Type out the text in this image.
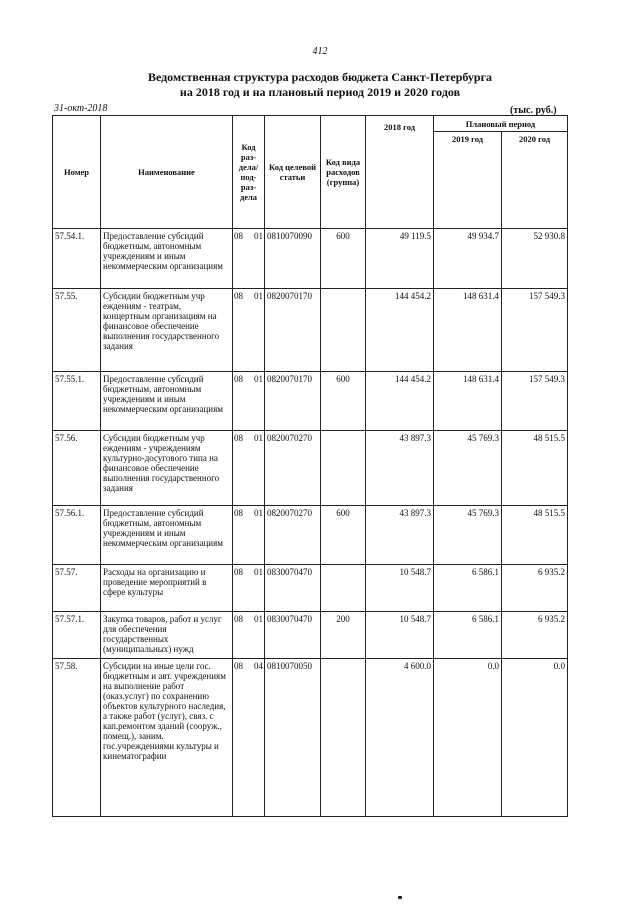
412
Ведомственная структура расходов бюджета Санкт-Петербурга
на 2018 год и на плановый период 2019 и 2020 годов
31-окт-2018	(тыс. руб.)
Номер	Наименование	Код раз- дела/ под- раз- дела	Код целевой статьи	Код вида расходов (группа)	2018 год	Плановый период	
						2019 год	2020 год
57.54.1.	Предоставление субсидий бюджетным, автономным учреждениям и иным некоммерческим организациям	08 01	0810070090	600	49 119.5	49 934.7	52 930.8
57.55.	Субсидии бюджетным учр еждениям - театрам, концертным организациям на финансовое обеспечение выполнения государственного задания	08 01	0820070170		144 454.2	148 631.4	157 549.3
57.55.1.	Предоставление субсидий бюджетным, автономным учреждениям и иным некоммерческим организациям	08 01	0820070170	600	144 454.2	148 631.4	157 549.3
57.56.	Субсидии бюджетным учр еждениям - учреждениям культурно-досугового типа на финансовое обеспечение выполнения государственного задания	08 01	0820070270		43 897.3	45 769.3	48 515.5
57.56.1.	Предоставление субсидий бюджетным, автономным учреждениям и иным некоммерческим организациям	08 01	0820070270	600	43 897.3	45 769.3	48 515.5
57.57.	Расходы на организацию и проведение мероприятий в сфере культуры	08 01	0830070470		10 548.7	6 586.1	6 935.2
57.57.1.	Закупка товаров, работ и услуг для обеспечения государственных (муниципальных) нужд	08 01	0830070470	200	10 548.7	6 586.1	6 935.2
57.58.	Субсидии на иные цели гос. бюджетным и авт. учреждениям на выполнение работ (оказ.услуг) по сохранению объектов культурного наследия, а также работ (услуг), связ. с кап.ремонтом зданий (сооруж., помещ.), заним. гос.учреждениями культуры и кинематографии	08 04	0810070050		4 600.0	0.0	0.0
